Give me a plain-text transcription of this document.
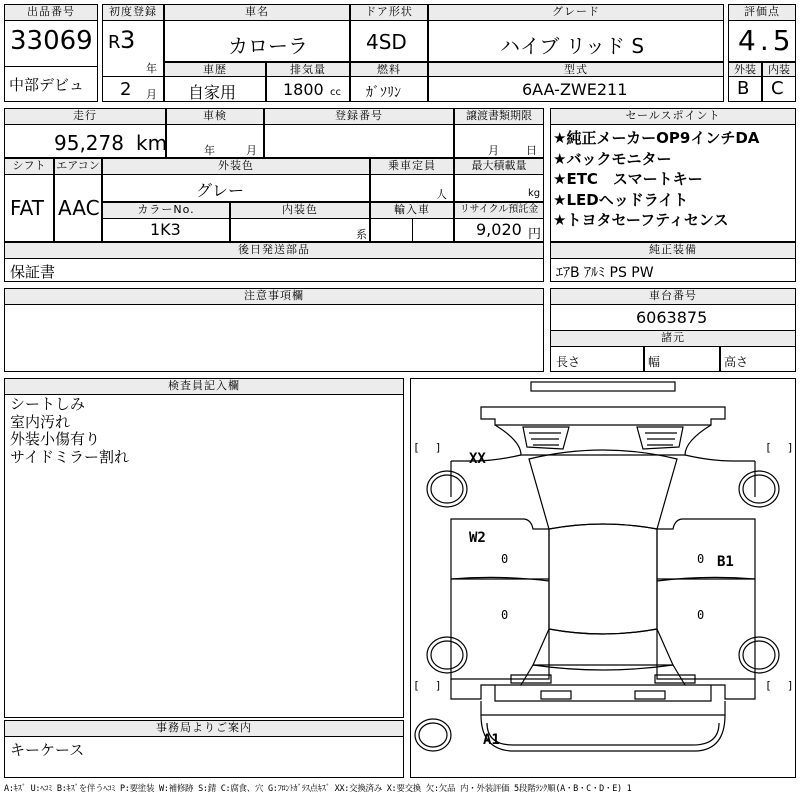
出品番号
33069
中部デビュ
初度登録
R 3
年
2 月
車名
カローラ
ドア形状
4SD
グレード
ハイブ リッド S
評価点
4.5
車歴
自家用
排気量
1800 cc
燃料
ｶﾞｿﾘﾝ
型式
6AA-ZWE211
外装	内装
B C
走行
95,278 km
車検
年	月
登録番号	譲渡書類期限
月 日
シフト
FAT
エアコン
AAC
外装色
グレー
乗車定員
人
最大積載量
kg
カラーNo.
1K3
内装色
系
輸入車	リサイクル預託金
9,020 円
後日発送部品
保証書
セールスポイント
★純正メーカーOP9インチDA
★バックモニター
★ETC　スマートキー
★LEDヘッドライト
★トヨタセーフティセンス
純正装備
ｴｱB ｱﾙﾐ PS PW
注意事項欄	車台番号
6063875
諸元
長さ	幅	高さ
検査員記入欄
シートしみ
室内汚れ
外装小傷有り
サイドミラー割れ
事務局よりご案内
キーケース
[ ]	[ ]
[ ]	[ ]
XX
W2
B1
A1
0
0
0
0
A:ｷｽﾞ U:ﾍｺﾐ B:ｷｽﾞを伴うﾍｺﾐ P:要塗装 W:補修跡 S:錆 C:腐食、穴 G:ﾌﾛﾝﾄｶﾞﾗｽ点ｷｽﾞ XX:交換済み X:要交換 欠:欠品 内・外装評価 5段階ﾗﾝｸ順(A・B・C・D・E) 1
